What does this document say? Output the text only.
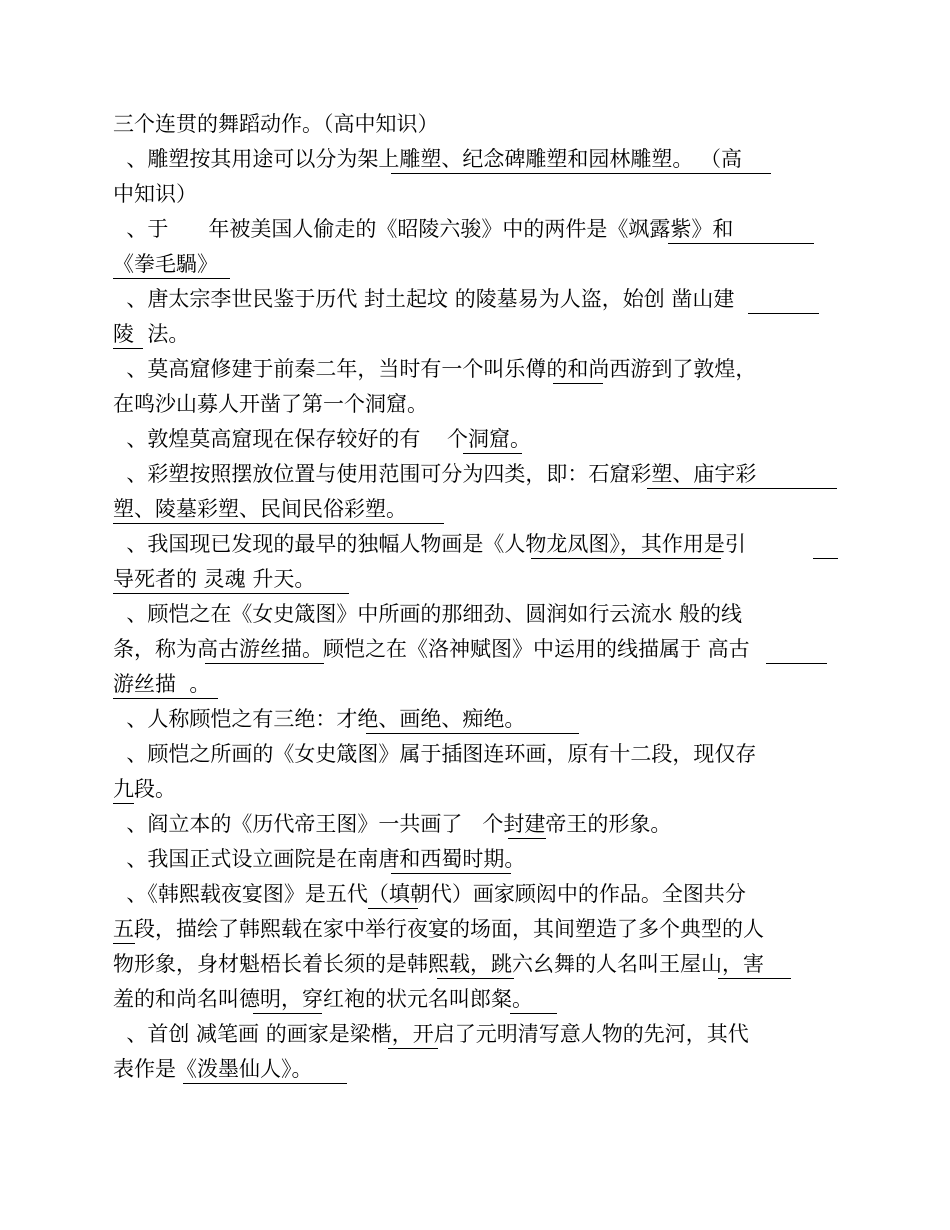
三个连贯的舞蹈动作。（高中知识）
、雕塑按其用途可以分为架上雕塑、纪念碑雕塑和园林雕塑。 （高
中知识）
、于      年被美国人偷走的《昭陵六骏》中的两件是《飒露紫》和
《拳毛騧》
、唐太宗李世民鉴于历代 封土起坟 的陵墓易为人盗，始创 凿山建
陵  法。
、莫高窟修建于前秦二年，当时有一个叫乐僔的和尚西游到了敦煌，
在鸣沙山募人开凿了第一个洞窟。
、敦煌莫高窟现在保存较好的有    个洞窟。
、彩塑按照摆放位置与使用范围可分为四类，即：石窟彩塑、庙宇彩
塑、陵墓彩塑、民间民俗彩塑。
、我国现已发现的最早的独幅人物画是《人物龙凤图》，其作用是引
导死者的 灵魂 升天。
、顾恺之在《女史箴图》中所画的那细劲、圆润如行云流水 般的线
条，称为高古游丝描。顾恺之在《洛神赋图》中运用的线描属于 高古
游丝描  。
、人称顾恺之有三绝：才绝、画绝、痴绝。
、顾恺之所画的《女史箴图》属于插图连环画，原有十二段，现仅存
九段。
、阎立本的《历代帝王图》一共画了   个封建帝王的形象。
、我国正式设立画院是在南唐和西蜀时期。
、《韩熙载夜宴图》是五代（填朝代）画家顾闳中的作品。全图共分
五段，描绘了韩熙载在家中举行夜宴的场面，其间塑造了多个典型的人
物形象，身材魁梧长着长须的是韩熙载，跳六幺舞的人名叫王屋山，害
羞的和尚名叫德明，穿红袍的状元名叫郎粲。
、首创 减笔画 的画家是梁楷，开启了元明清写意人物的先河，其代
表作是《泼墨仙人》。
